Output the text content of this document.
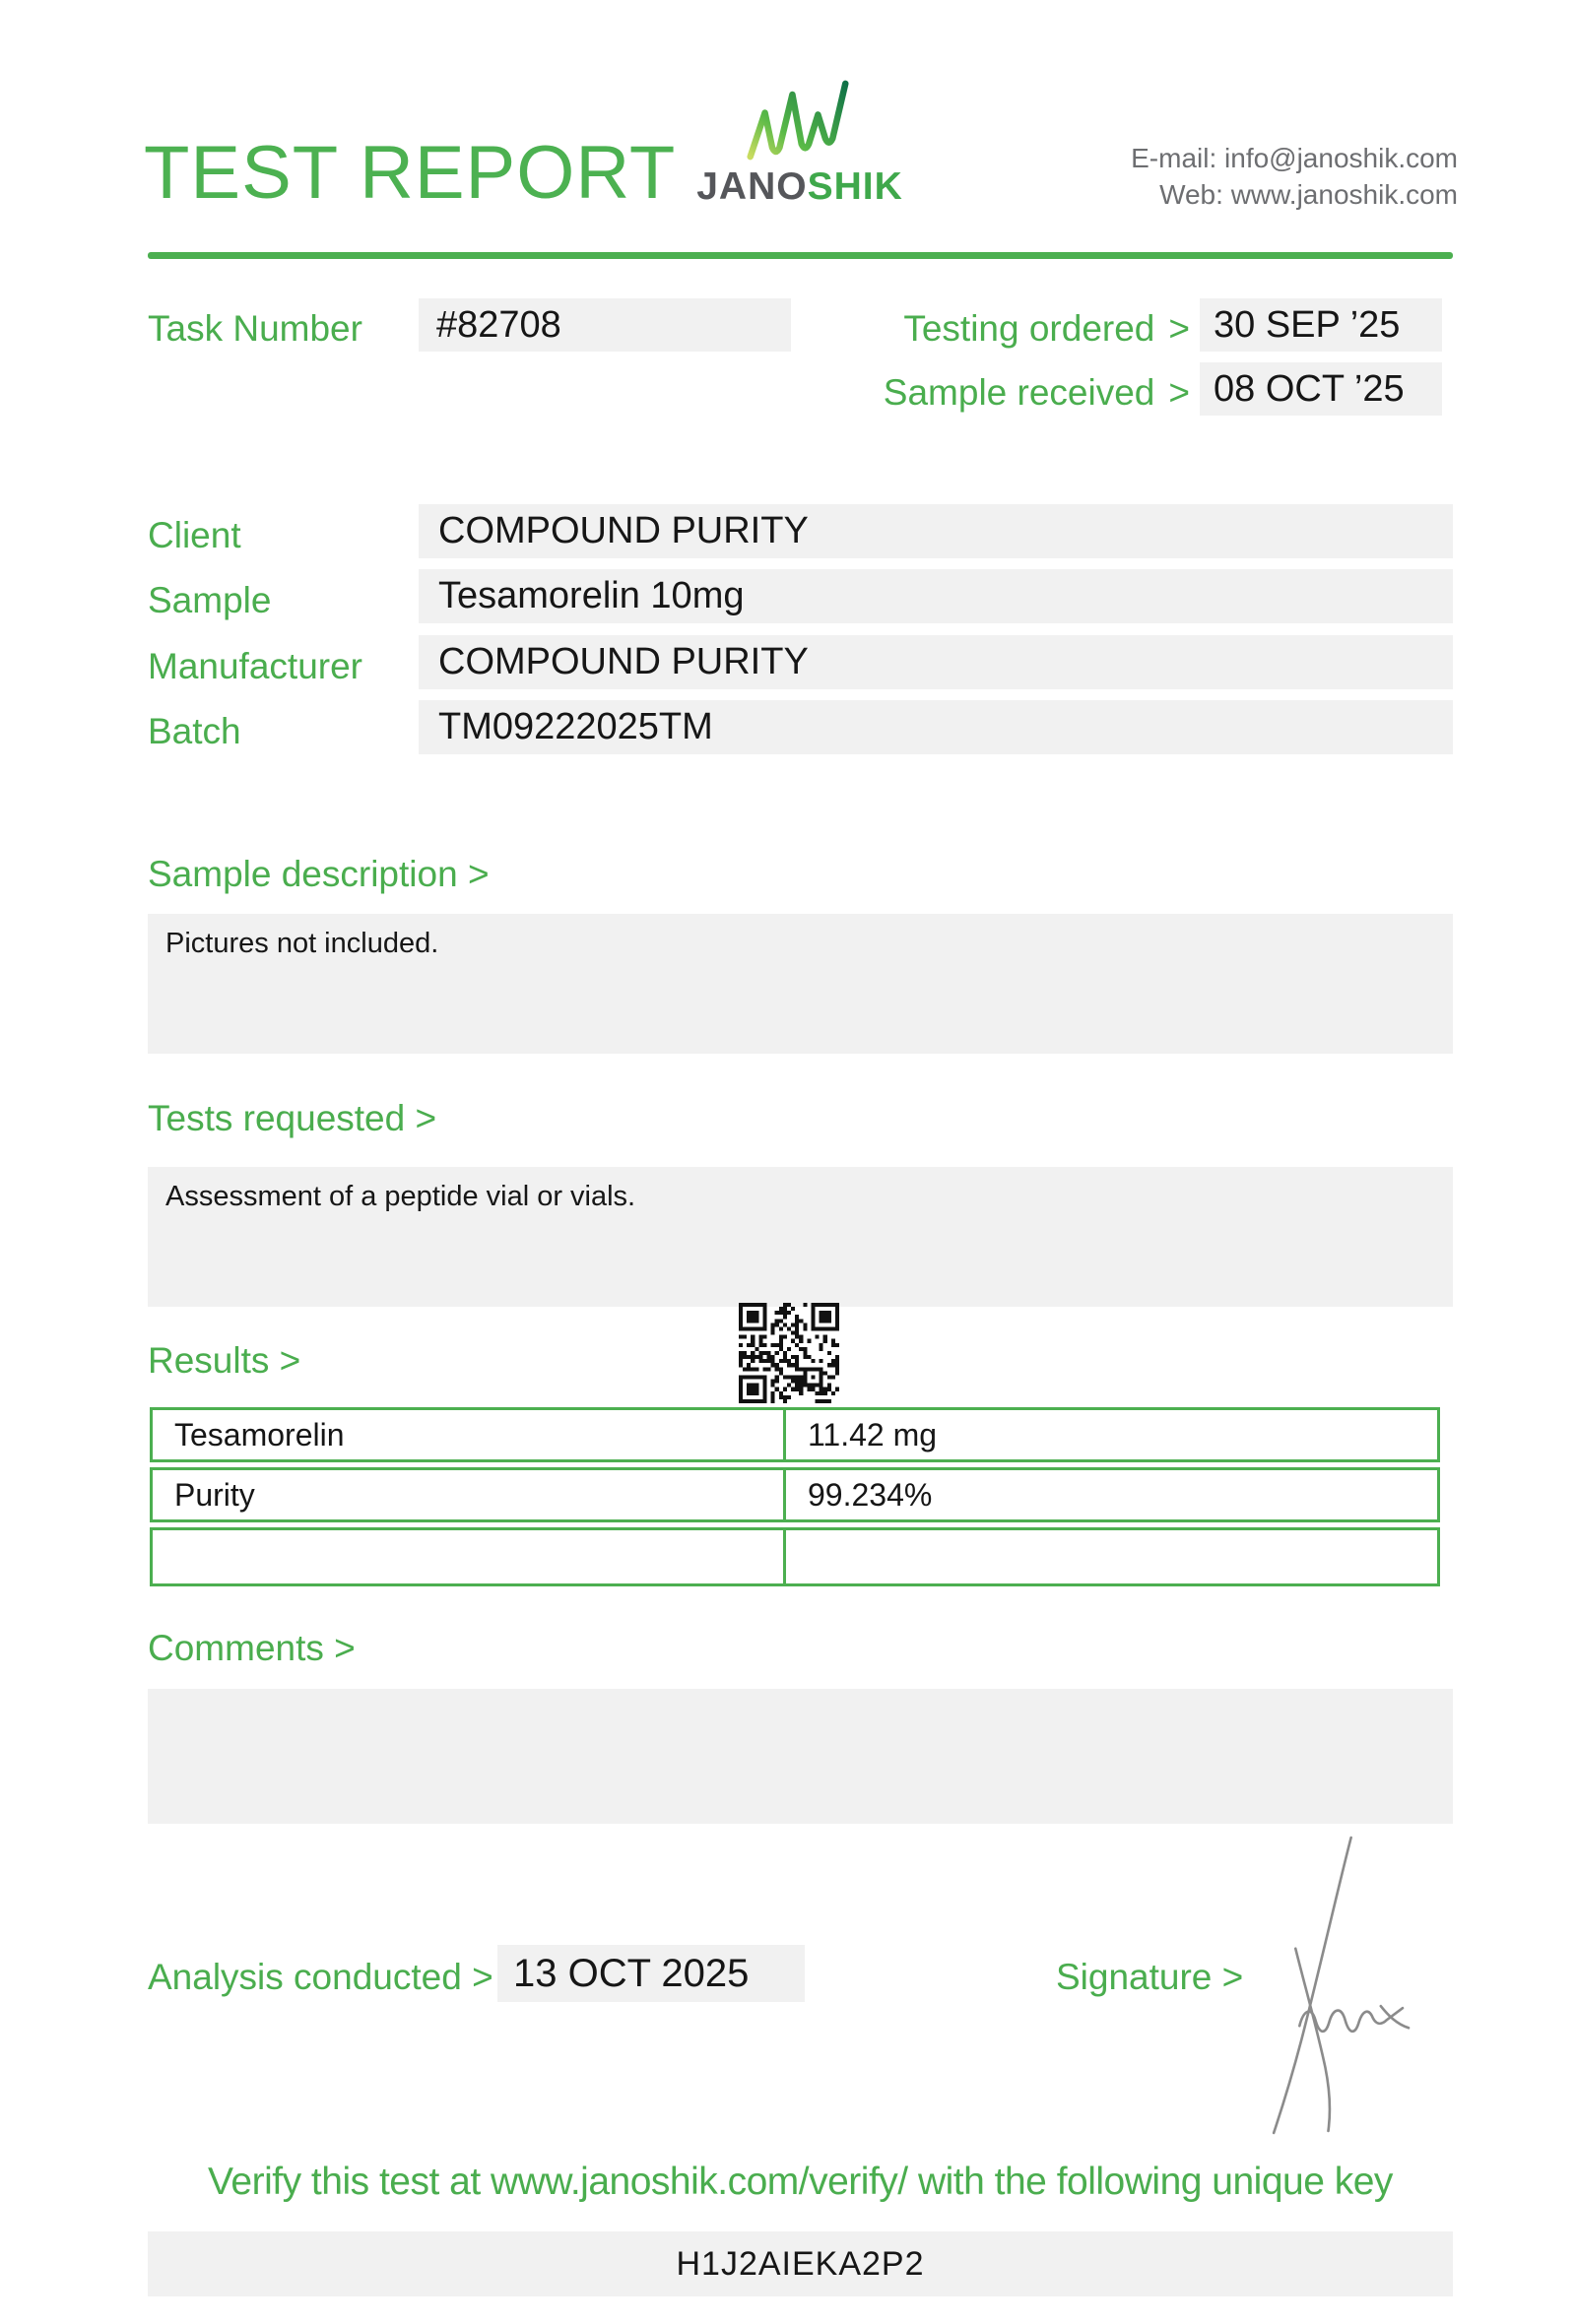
TEST REPORT JANOSHIK
E-mail: info@janoshik.com
Web: www.janoshik.com
Task Number	#82708	Testing ordered > 30 SEP ’25
Sample received > 08 OCT ’25
Client	COMPOUND PURITY
Sample	Tesamorelin 10mg
Manufacturer	COMPOUND PURITY
Batch	TM09222025TM
Sample description >
Pictures not included.
Tests requested >
Assessment of a peptide vial or vials.
Results >
Tesamorelin	11.42 mg
Purity	99.234%
Comments >
Analysis conducted > 13 OCT 2025	Signature >
Verify this test at www.janoshik.com/verify/ with the following unique key
H1J2AIEKA2P2
